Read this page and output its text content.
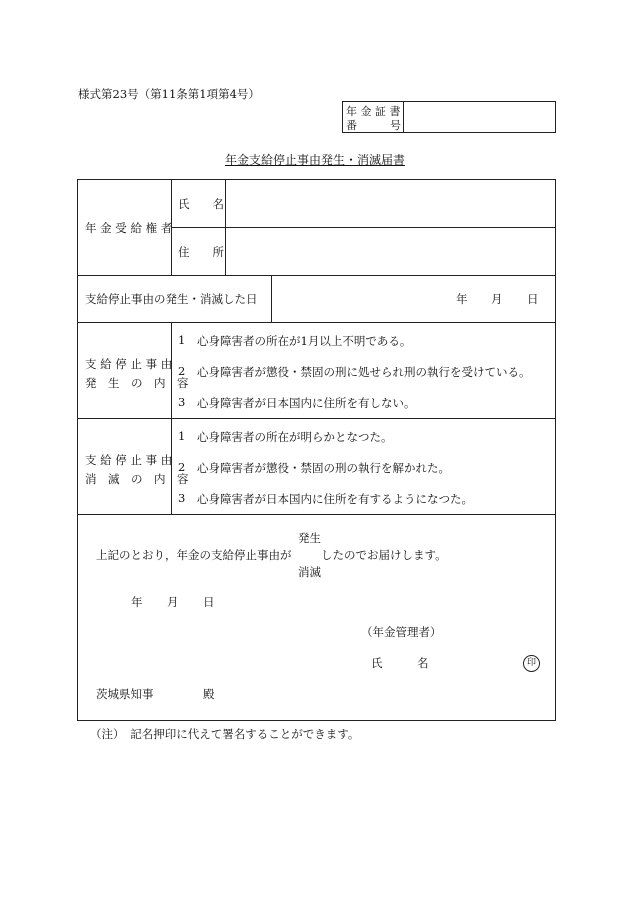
様式第23号（第11条第1項第4号）
年 金 証 書
番　　　号
年金支給停止事由発生・消滅届書
年 金 受 給 権 者
氏　　名
住　　所
支給停止事由の発生・消滅した日	年 月 日
支 給 停 止 事 由
発　生　の　内　容
1 心身障害者の所在が1月以上不明である。
2 心身障害者が懲役・禁固の刑に処せられ刑の執行を受けている。
3 心身障害者が日本国内に住所を有しない。
支 給 停 止 事 由
消　滅　の　内　容
1 心身障害者の所在が明らかとなつた。
2 心身障害者が懲役・禁固の刑の執行を解かれた。
3 心身障害者が日本国内に住所を有するようになつた。
発生
上記のとおり，年金の支給停止事由が	したのでお届けします。
消滅
年 月 日
（年金管理者）
氏　　　名	印
茨城県知事	殿
（注）　記名押印に代えて署名することができます。
